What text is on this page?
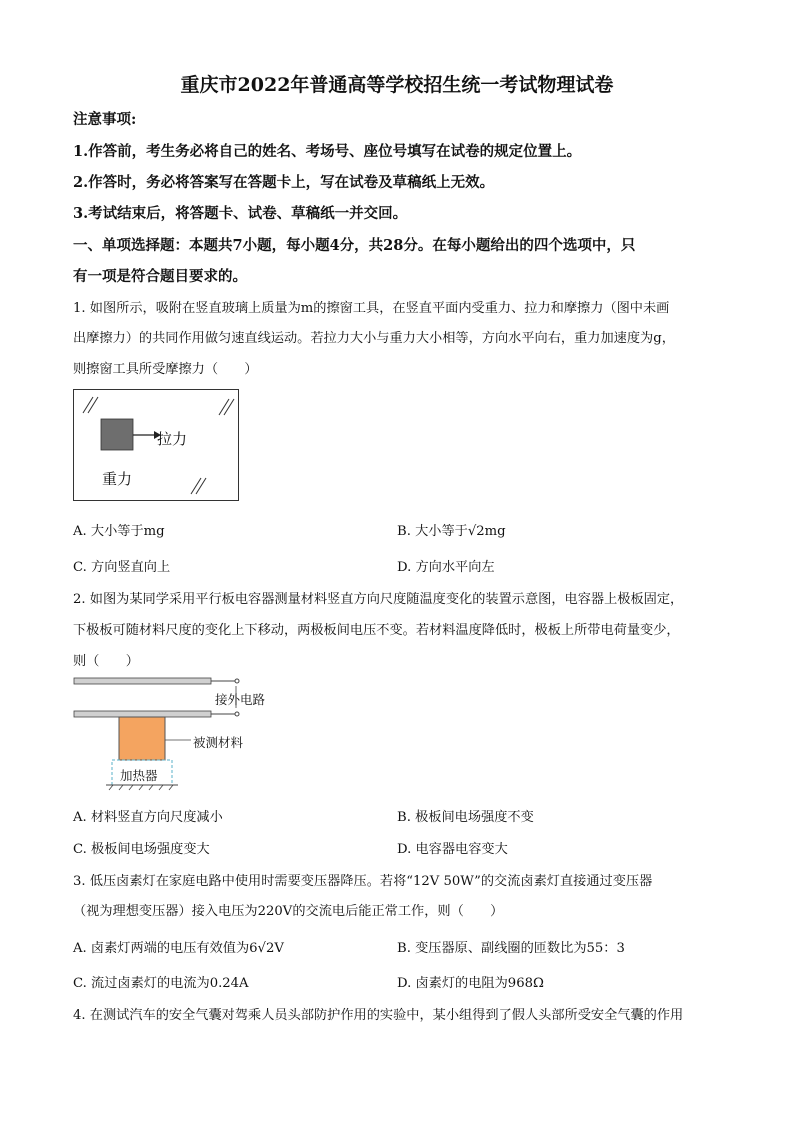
重庆市2022年普通高等学校招生统一考试物理试卷
注意事项:
1.作答前，考生务必将自己的姓名、考场号、座位号填写在试卷的规定位置上。
2.作答时，务必将答案写在答题卡上，写在试卷及草稿纸上无效。
3.考试结束后，将答题卡、试卷、草稿纸一并交回。
一、单项选择题：本题共7小题，每小题4分，共28分。在每小题给出的四个选项中，只
有一项是符合题目要求的。
1. 如图所示，吸附在竖直玻璃上质量为m的擦窗工具，在竖直平面内受重力、拉力和摩擦力（图中未画
出摩擦力）的共同作用做匀速直线运动。若拉力大小与重力大小相等，方向水平向右，重力加速度为g，
则擦窗工具所受摩擦力（　　）
拉力
重力
A. 大小等于mg	B. 大小等于√2mg
C. 方向竖直向上	D. 方向水平向左
2. 如图为某同学采用平行板电容器测量材料竖直方向尺度随温度变化的装置示意图，电容器上极板固定，
下极板可随材料尺度的变化上下移动，两极板间电压不变。若材料温度降低时，极板上所带电荷量变少，
则（　　）
接外电路
被测材料
加热器
A. 材料竖直方向尺度减小	B. 极板间电场强度不变
C. 极板间电场强度变大	D. 电容器电容变大
3. 低压卤素灯在家庭电路中使用时需要变压器降压。若将“12V 50W”的交流卤素灯直接通过变压器
（视为理想变压器）接入电压为220V的交流电后能正常工作，则（　　）
A. 卤素灯两端的电压有效值为6√2V	B. 变压器原、副线圈的匝数比为55：3
C. 流过卤素灯的电流为0.24A	D. 卤素灯的电阻为968Ω
4. 在测试汽车的安全气囊对驾乘人员头部防护作用的实验中，某小组得到了假人头部所受安全气囊的作用
